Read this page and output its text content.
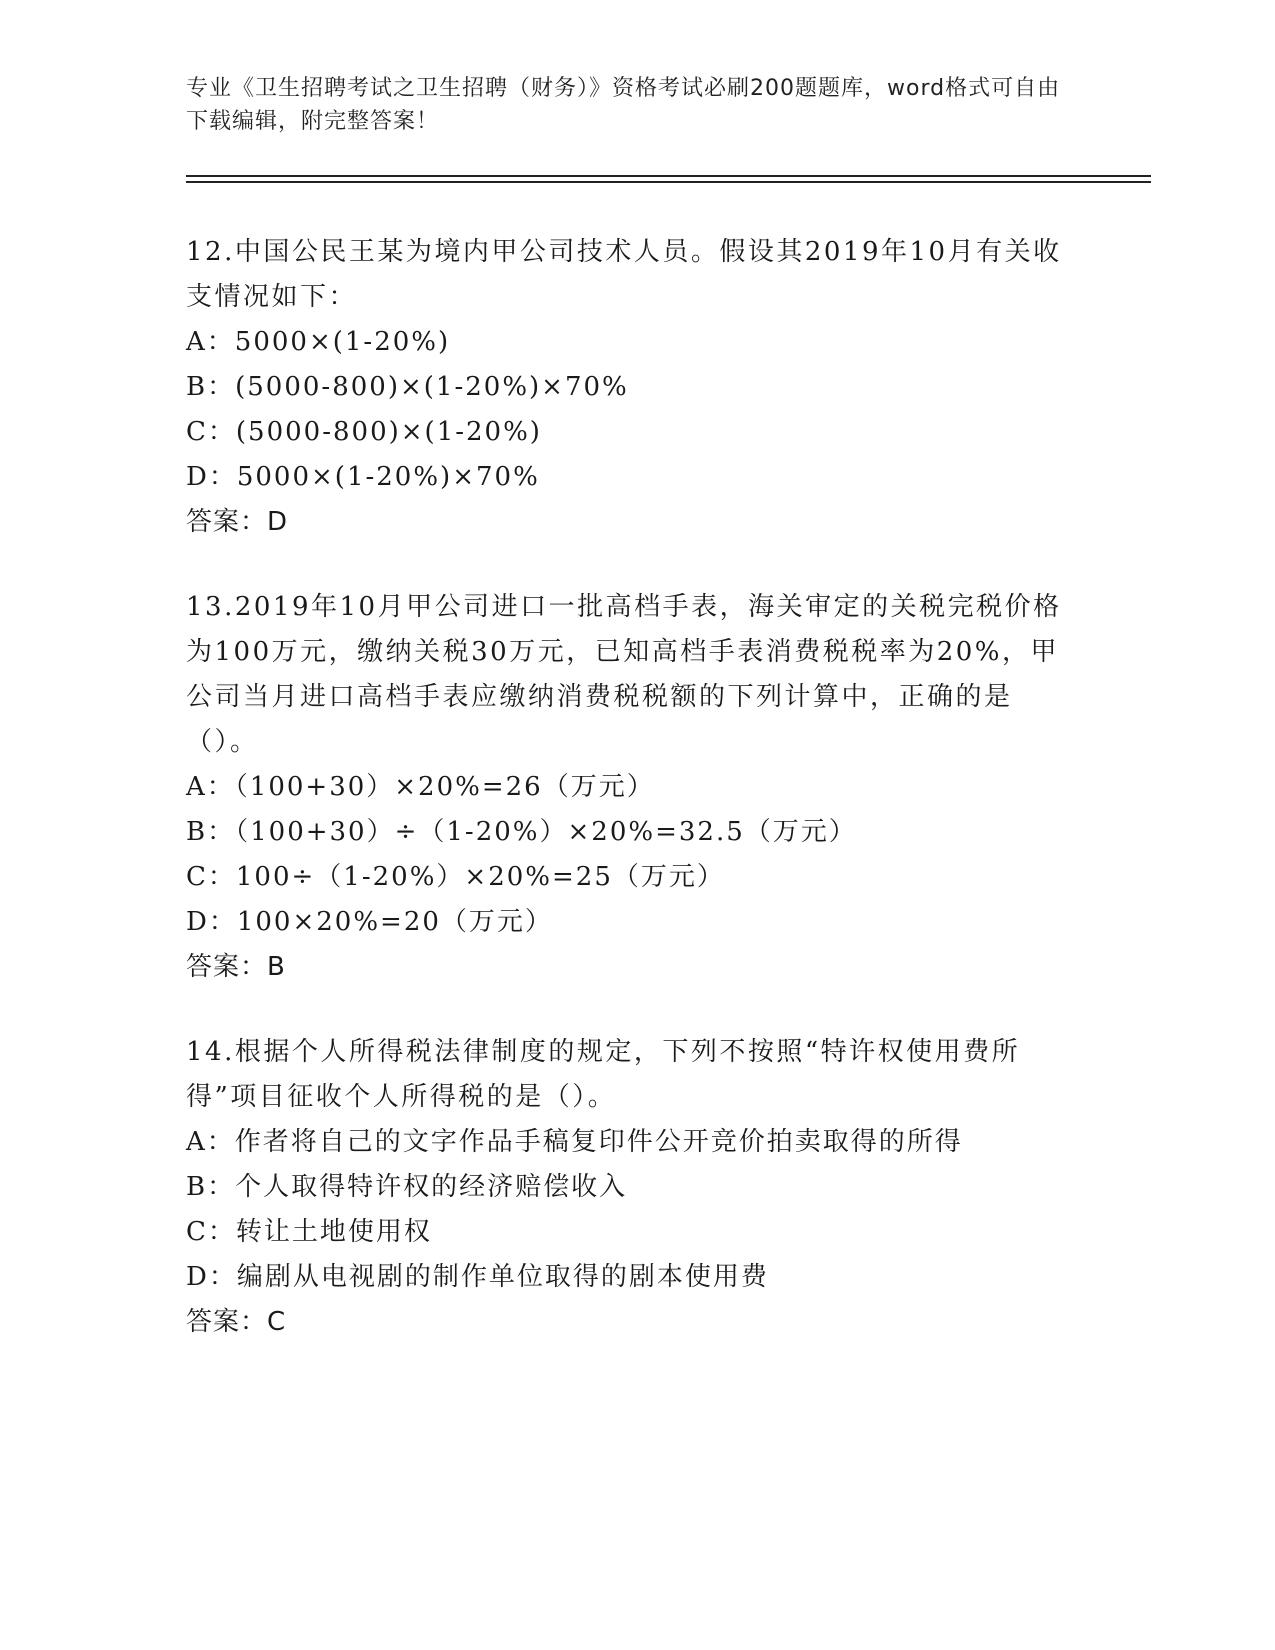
专业《卫生招聘考试之卫生招聘（财务）》资格考试必刷200题题库，word格式可自由下载编辑，附完整答案！

12.中国公民王某为境内甲公司技术人员。假设其2019年10月有关收支情况如下：

A：5000×(1-20%)

B：(5000-800)×(1-20%)×70%

C：(5000-800)×(1-20%)

D：5000×(1-20%)×70%

答案：D

13.2019年10月甲公司进口一批高档手表，海关审定的关税完税价格为100万元，缴纳关税30万元，已知高档手表消费税税率为20%，甲公司当月进口高档手表应缴纳消费税税额的下列计算中，正确的是（）。

A：（100+30）×20%=26（万元）

B：（100+30）÷（1-20%）×20%=32.5（万元）

C：100÷（1-20%）×20%=25（万元）

D：100×20%=20（万元）

答案：B

14.根据个人所得税法律制度的规定，下列不按照“特许权使用费所得”项目征收个人所得税的是（）。

A：作者将自己的文字作品手稿复印件公开竞价拍卖取得的所得

B：个人取得特许权的经济赔偿收入

C：转让土地使用权

D：编剧从电视剧的制作单位取得的剧本使用费

答案：C
